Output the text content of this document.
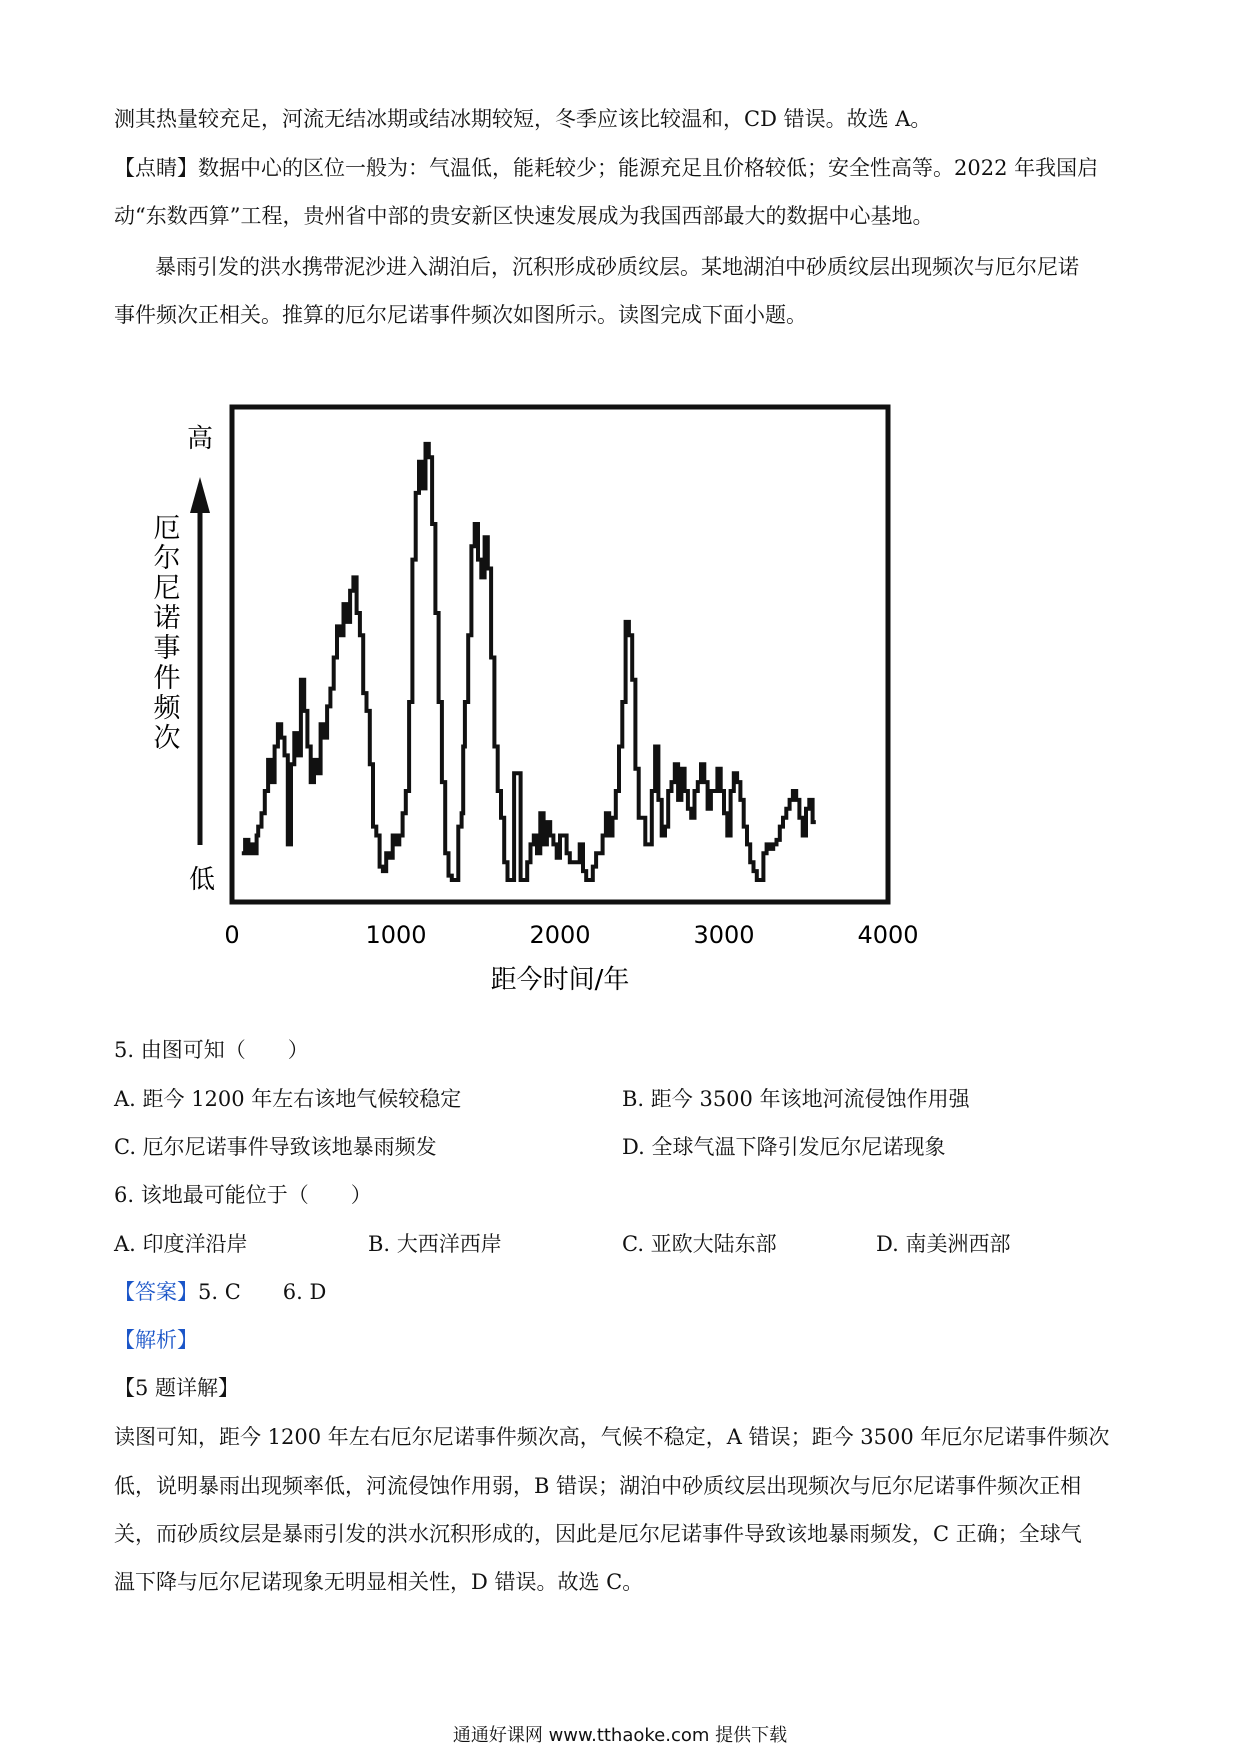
测其热量较充足，河流无结冰期或结冰期较短，冬季应该比较温和，CD 错误。故选 A。
【点睛】数据中心的区位一般为：气温低，能耗较少；能源充足且价格较低；安全性高等。2022 年我国启
动“东数西算”工程，贵州省中部的贵安新区快速发展成为我国西部最大的数据中心基地。
暴雨引发的洪水携带泥沙进入湖泊后，沉积形成砂质纹层。某地湖泊中砂质纹层出现频次与厄尔尼诺
事件频次正相关。推算的厄尔尼诺事件频次如图所示。读图完成下面小题。
高
低
厄
尔
尼
诺
事
件
频
次
0	1000	2000	3000	4000
距今时间/年
5. 由图可知（　　）
A. 距今 1200 年左右该地气候较稳定	B. 距今 3500 年该地河流侵蚀作用强
C. 厄尔尼诺事件导致该地暴雨频发	D. 全球气温下降引发厄尔尼诺现象
6. 该地最可能位于（　　）
A. 印度洋沿岸	B. 大西洋西岸	C. 亚欧大陆东部	D. 南美洲西部
【答案】5. C　　6. D
【解析】
【5 题详解】
读图可知，距今 1200 年左右厄尔尼诺事件频次高，气候不稳定，A 错误；距今 3500 年厄尔尼诺事件频次
低，说明暴雨出现频率低，河流侵蚀作用弱，B 错误；湖泊中砂质纹层出现频次与厄尔尼诺事件频次正相
关，而砂质纹层是暴雨引发的洪水沉积形成的，因此是厄尔尼诺事件导致该地暴雨频发，C 正确；全球气
温下降与厄尔尼诺现象无明显相关性，D 错误。故选 C。
通通好课网 www.tthaoke.com 提供下载
